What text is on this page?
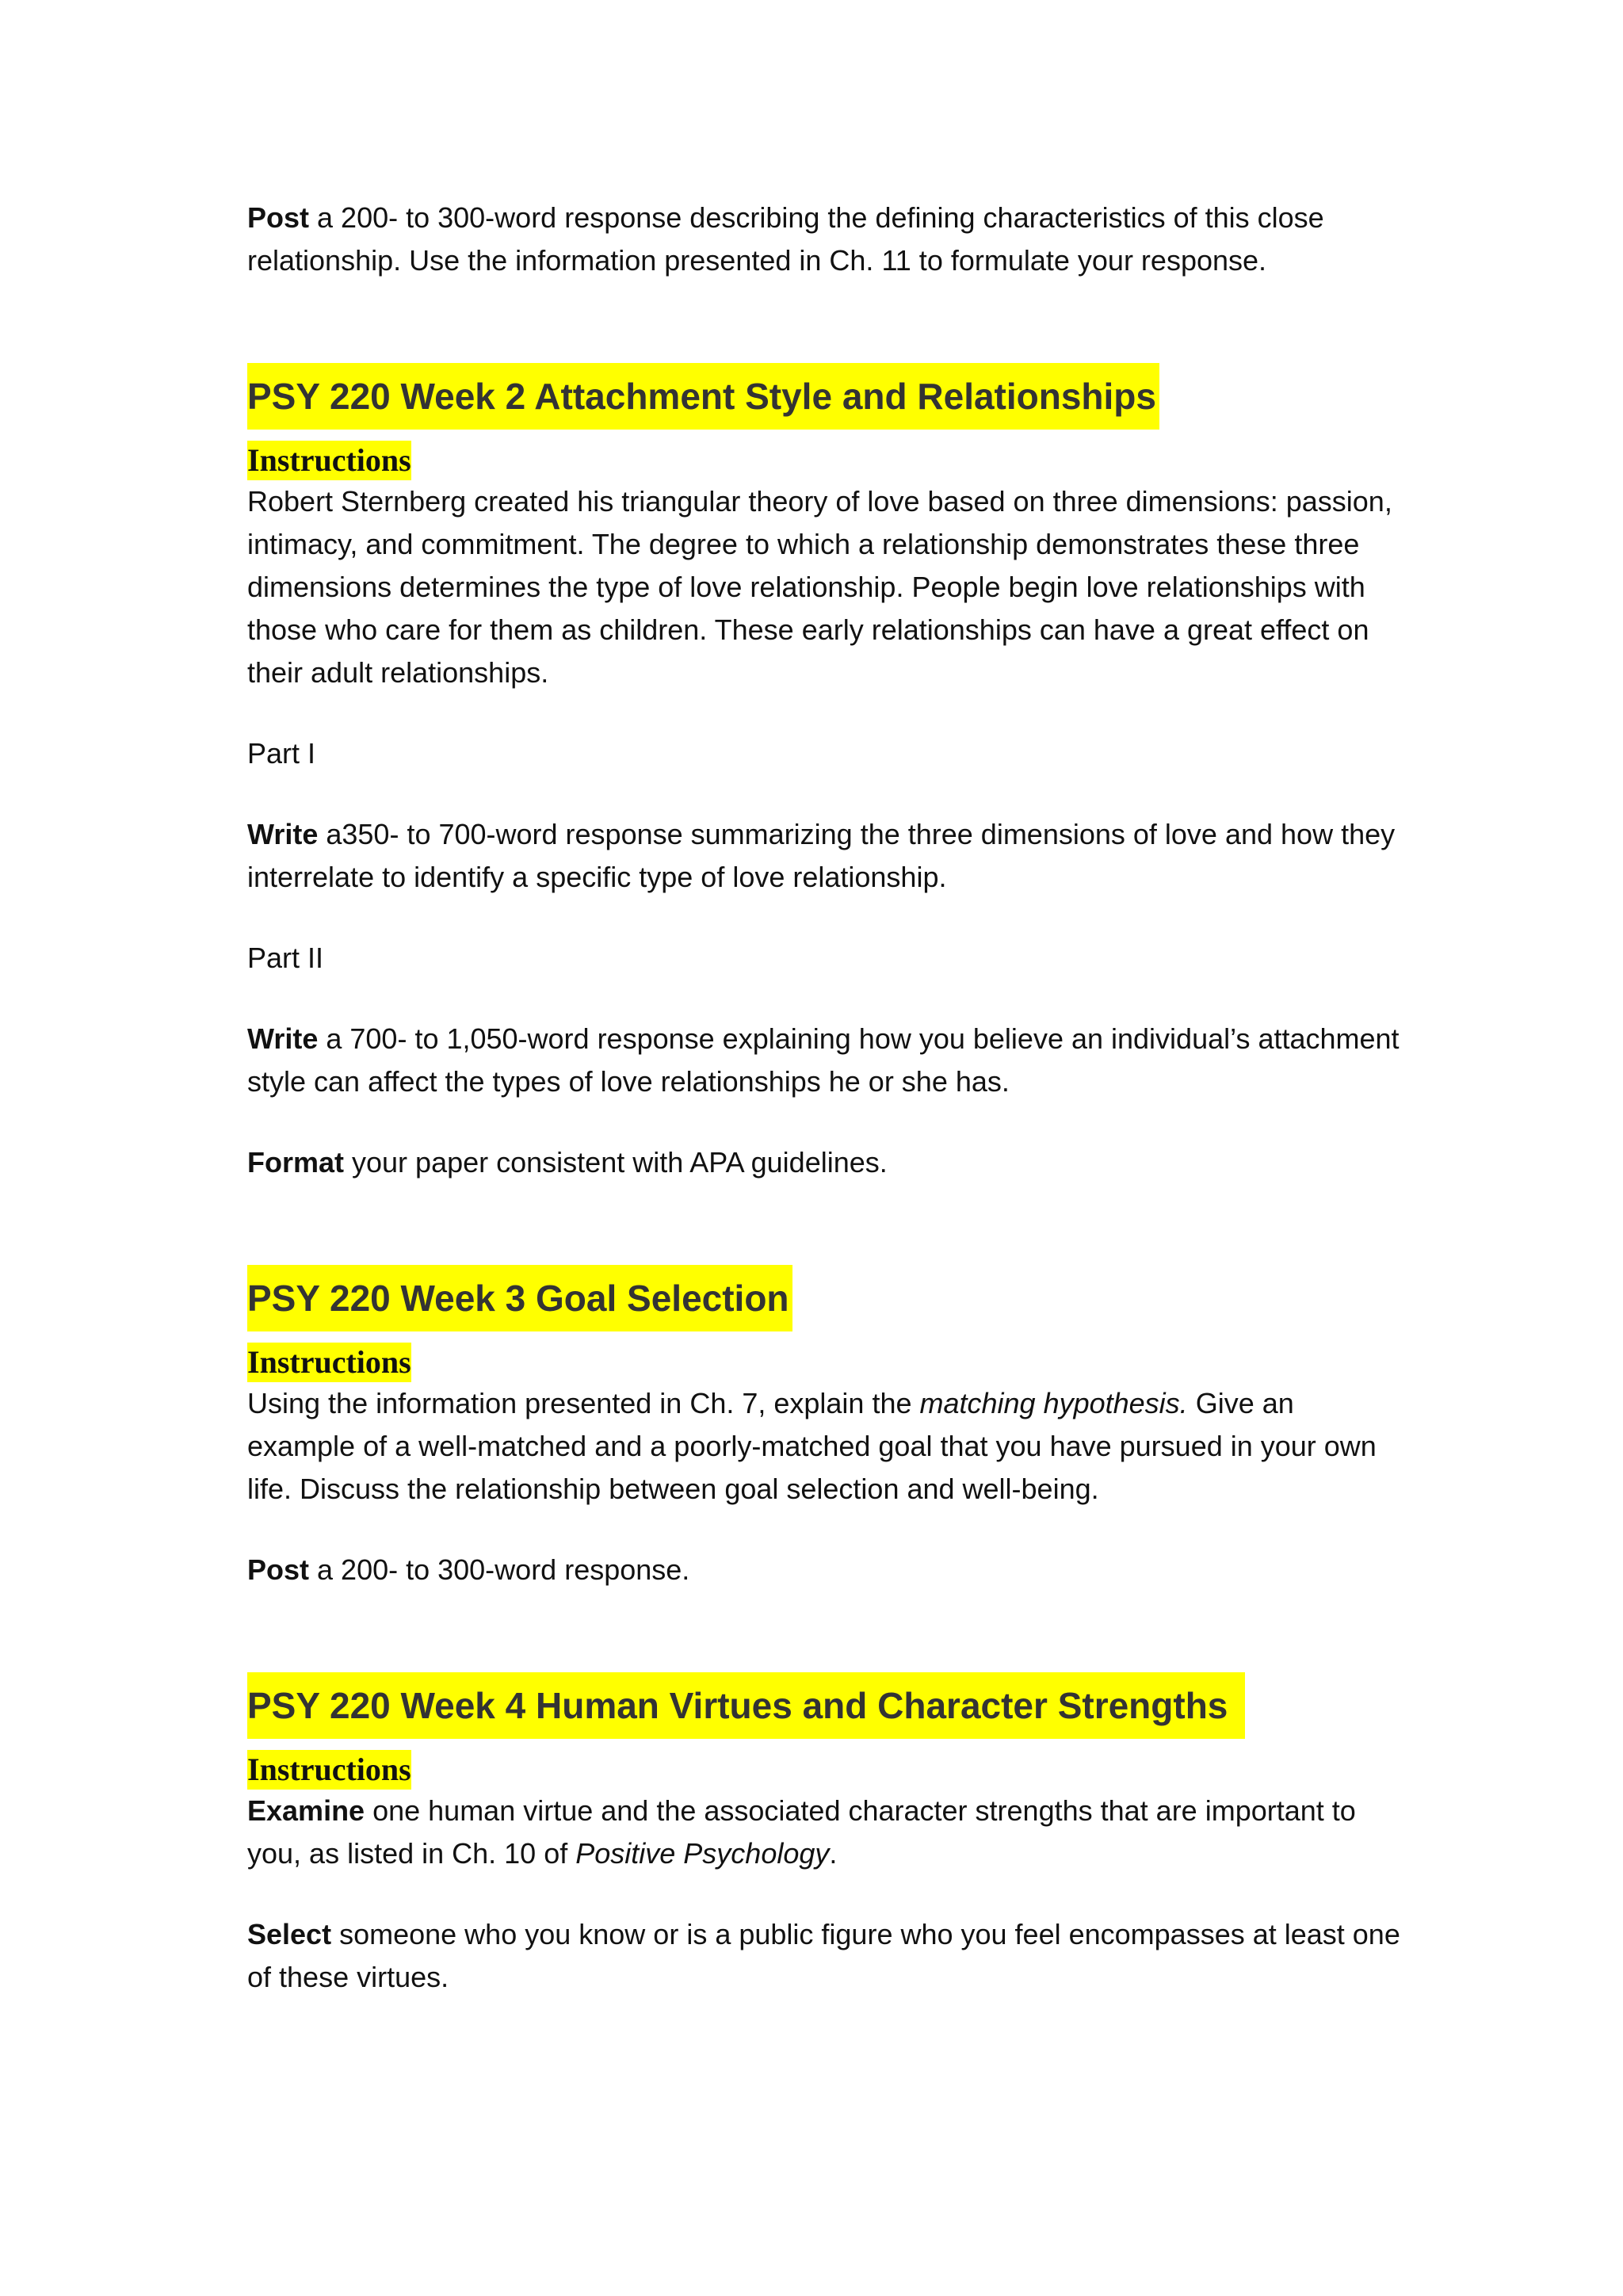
Post a 200- to 300-word response describing the defining characteristics of this close relationship. Use the information presented in Ch. 11 to formulate your response.

PSY 220 Week 2 Attachment Style and Relationships
Instructions

Robert Sternberg created his triangular theory of love based on three dimensions: passion, intimacy, and commitment. The degree to which a relationship demonstrates these three dimensions determines the type of love relationship. People begin love relationships with those who care for them as children. These early relationships can have a great effect on their adult relationships.

Part I

Write a350- to 700-word response summarizing the three dimensions of love and how they interrelate to identify a specific type of love relationship.

Part II

Write a 700- to 1,050-word response explaining how you believe an individual’s attachment style can affect the types of love relationships he or she has.

Format your paper consistent with APA guidelines.

PSY 220 Week 3 Goal Selection
Instructions

Using the information presented in Ch. 7, explain the matching hypothesis. Give an example of a well-matched and a poorly-matched goal that you have pursued in your own life. Discuss the relationship between goal selection and well-being.

Post a 200- to 300-word response.

PSY 220 Week 4 Human Virtues and Character Strengths
Instructions

Examine one human virtue and the associated character strengths that are important to you, as listed in Ch. 10 of Positive Psychology.

Select someone who you know or is a public figure who you feel encompasses at least one of these virtues.
